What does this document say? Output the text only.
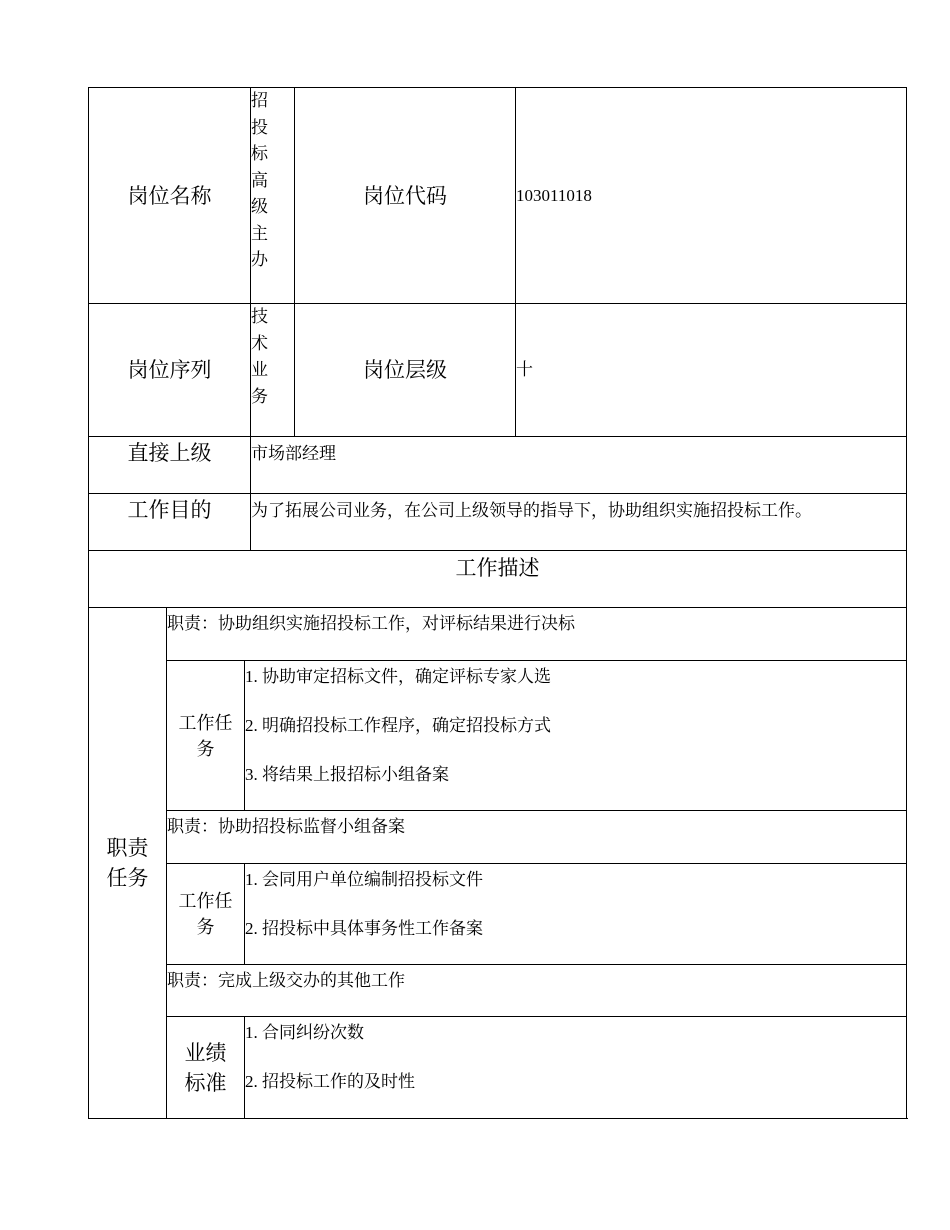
岗位名称			招投标高级主办	岗位代码	103011018
岗位序列			技术业务	岗位层级	十
直接上级			市场部经理		
工作目的			为了拓展公司业务，在公司上级领导的指导下，协助组织实施招投标工作。		
工作描述					
职责任务	职责：协助组织实施招投标工作，对评标结果进行决标				
	工作任务	1. 协助审定招标文件，确定评标专家人选
2. 明确招投标工作程序，确定招投标方式
3. 将结果上报招标小组备案			

	职责：协助招投标监督小组备案				
	工作任务	1. 会同用户单位编制招投标文件
2. 招投标中具体事务性工作备案			

	职责：完成上级交办的其他工作				
	业绩标准	1. 合同纠纷次数
2. 招投标工作的及时性			
